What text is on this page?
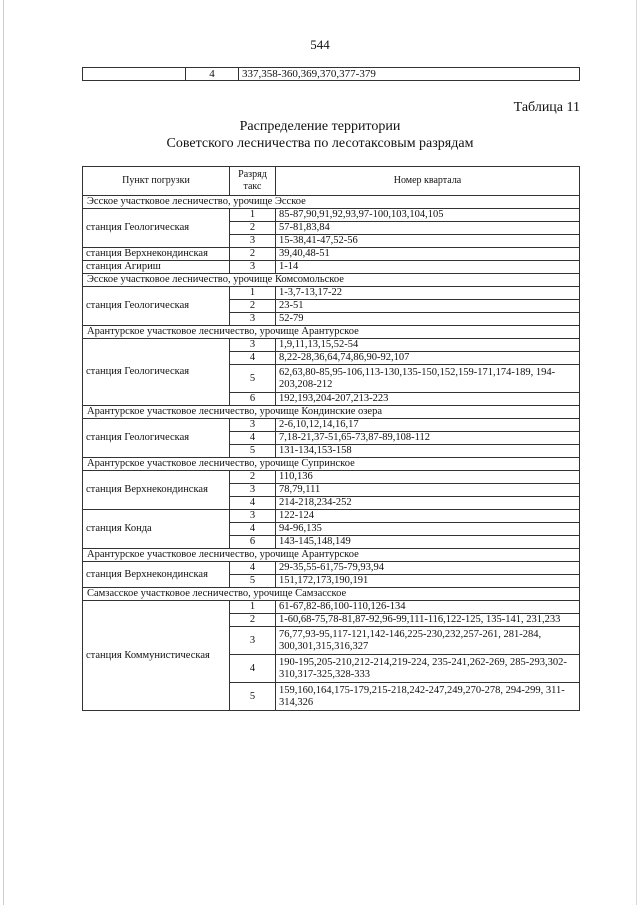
544
	4	337,358-360,369,370,377-379
Таблица 11
Распределение территории
Советского лесничества по лесотаксовым разрядам
Пункт погрузки	Разряд такс	Номер квартала
Эсское участковое лесничество, урочище Эсское		
станция Геологическая	1	85-87,90,91,92,93,97-100,103,104,105
	2	57-81,83,84
	3	15-38,41-47,52-56
станция Верхнекондинская	2	39,40,48-51
станция Агириш	3	1-14
Эсское участковое лесничество, урочище Комсомольское		
станция Геологическая	1	1-3,7-13,17-22
	2	23-51
	3	52-79
Арантурское участковое лесничество, урочище Арантурское		
станция Геологическая	3	1,9,11,13,15,52-54
	4	8,22-28,36,64,74,86,90-92,107
	5	62,63,80-85,95-106,113-130,135-150,152,159-171,174-189, 194-203,208-212
	6	192,193,204-207,213-223
Арантурское участковое лесничество, урочище Кондинские озера		
станция Геологическая	3	2-6,10,12,14,16,17
	4	7,18-21,37-51,65-73,87-89,108-112
	5	131-134,153-158
Арантурское участковое лесничество, урочище Супринское		
станция Верхнекондинская	2	110,136
	3	78,79,111
	4	214-218,234-252
станция Конда	3	122-124
	4	94-96,135
	6	143-145,148,149
Арантурское участковое лесничество, урочище Арантурское		
станция Верхнекондинская	4	29-35,55-61,75-79,93,94
	5	151,172,173,190,191
Самзасское участковое лесничество, урочище Самзасское		
станция Коммунистическая	1	61-67,82-86,100-110,126-134
	2	1-60,68-75,78-81,87-92,96-99,111-116,122-125, 135-141, 231,233
	3	76,77,93-95,117-121,142-146,225-230,232,257-261, 281-284, 300,301,315,316,327
	4	190-195,205-210,212-214,219-224, 235-241,262-269, 285-293,302-310,317-325,328-333
	5	159,160,164,175-179,215-218,242-247,249,270-278, 294-299, 311-314,326
